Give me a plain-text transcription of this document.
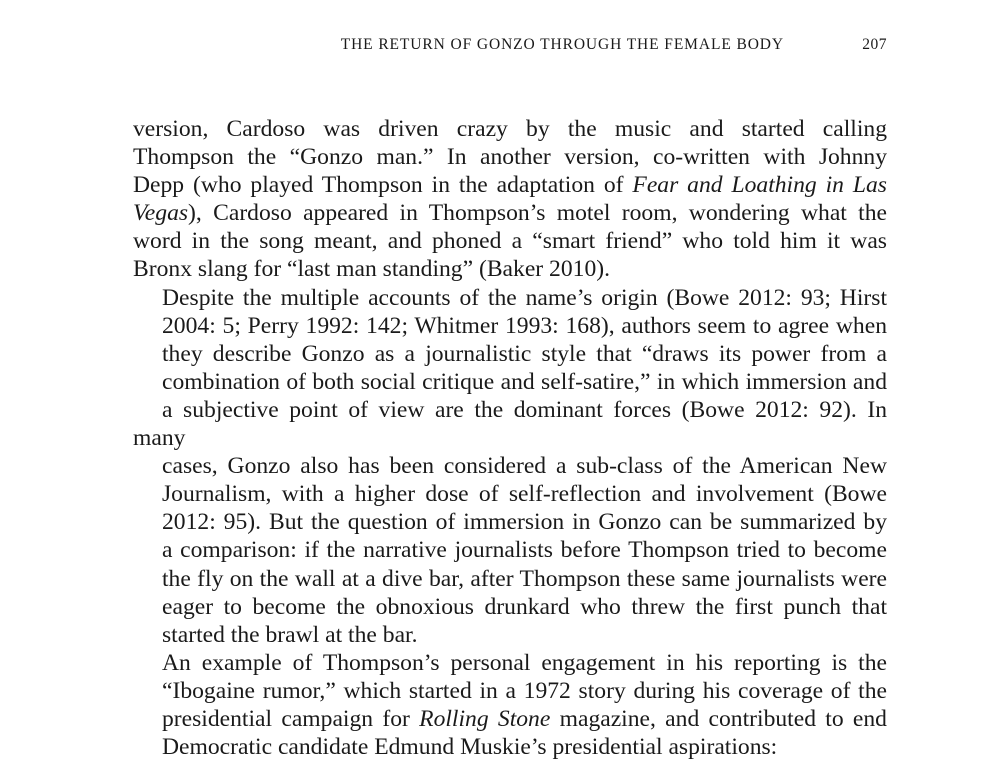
THE RETURN OF GONZO THROUGH THE FEMALE BODY	207

version, Cardoso was driven crazy by the music and started calling
Thompson the “Gonzo man.” In another version, co-written with Johnny
Depp (who played Thompson in the adaptation of Fear and Loathing in Las
Vegas), Cardoso appeared in Thompson’s motel room, wondering what the
word in the song meant, and phoned a “smart friend” who told him it was
Bronx slang for “last man standing” (Baker 2010).

Despite the multiple accounts of the name’s origin (Bowe 2012: 93; Hirst
2004: 5; Perry 1992: 142; Whitmer 1993: 168), authors seem to agree when
they describe Gonzo as a journalistic style that “draws its power from a
combination of both social critique and self-satire,” in which immersion and
a subjective point of view are the dominant forces (Bowe 2012: 92). In many
cases, Gonzo also has been considered a sub-class of the American New
Journalism, with a higher dose of self-reflection and involvement (Bowe
2012: 95). But the question of immersion in Gonzo can be summarized by
a comparison: if the narrative journalists before Thompson tried to become
the fly on the wall at a dive bar, after Thompson these same journalists were
eager to become the obnoxious drunkard who threw the first punch that
started the brawl at the bar.

An example of Thompson’s personal engagement in his reporting is the
“Ibogaine rumor,” which started in a 1972 story during his coverage of the
presidential campaign for Rolling Stone magazine, and contributed to end
Democratic candidate Edmund Muskie’s presidential aspirations:
